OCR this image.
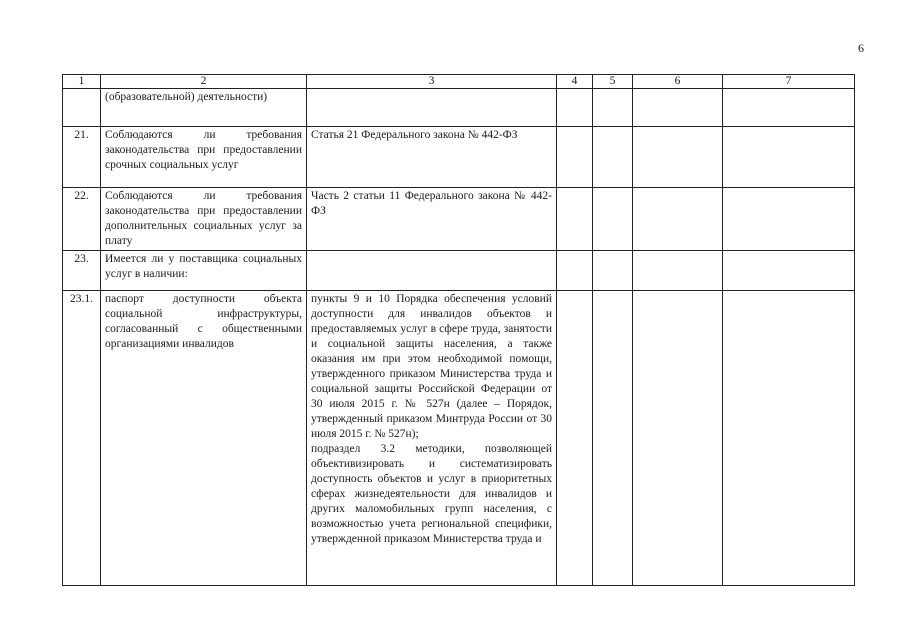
6
1	2	3	4	5	6	7
	(образовательной) деятельности)					
21.	Соблюдаются ли требования законодательства при предоставлении срочных социальных услуг	Статья 21 Федерального закона № 442-ФЗ				
22.	Соблюдаются ли требования законодательства при предоставлении дополнительных социальных услуг за плату	Часть 2 статьи 11 Федерального закона № 442-ФЗ				
23.	Имеется ли у поставщика социальных услуг в наличии:					
23.1.	паспорт доступности объекта социальной инфраструктуры, согласованный с общественными организациями инвалидов	пункты 9 и 10 Порядка обеспечения условий доступности для инвалидов объектов и предоставляемых услуг в сфере труда, занятости и социальной защиты населения, а также оказания им при этом необходимой помощи, утвержденного приказом Министерства труда и социальной защиты Российской Федерации от 30 июля 2015 г. № 527н (далее – Порядок, утвержденный приказом Минтруда России от 30 июля 2015 г. № 527н);
подраздел 3.2 методики, позволяющей объективизировать и систематизировать доступность объектов и услуг в приоритетных сферах жизнедеятельности для инвалидов и других маломобильных групп населения, с возможностью учета региональной специфики, утвержденной приказом Министерства труда и				
